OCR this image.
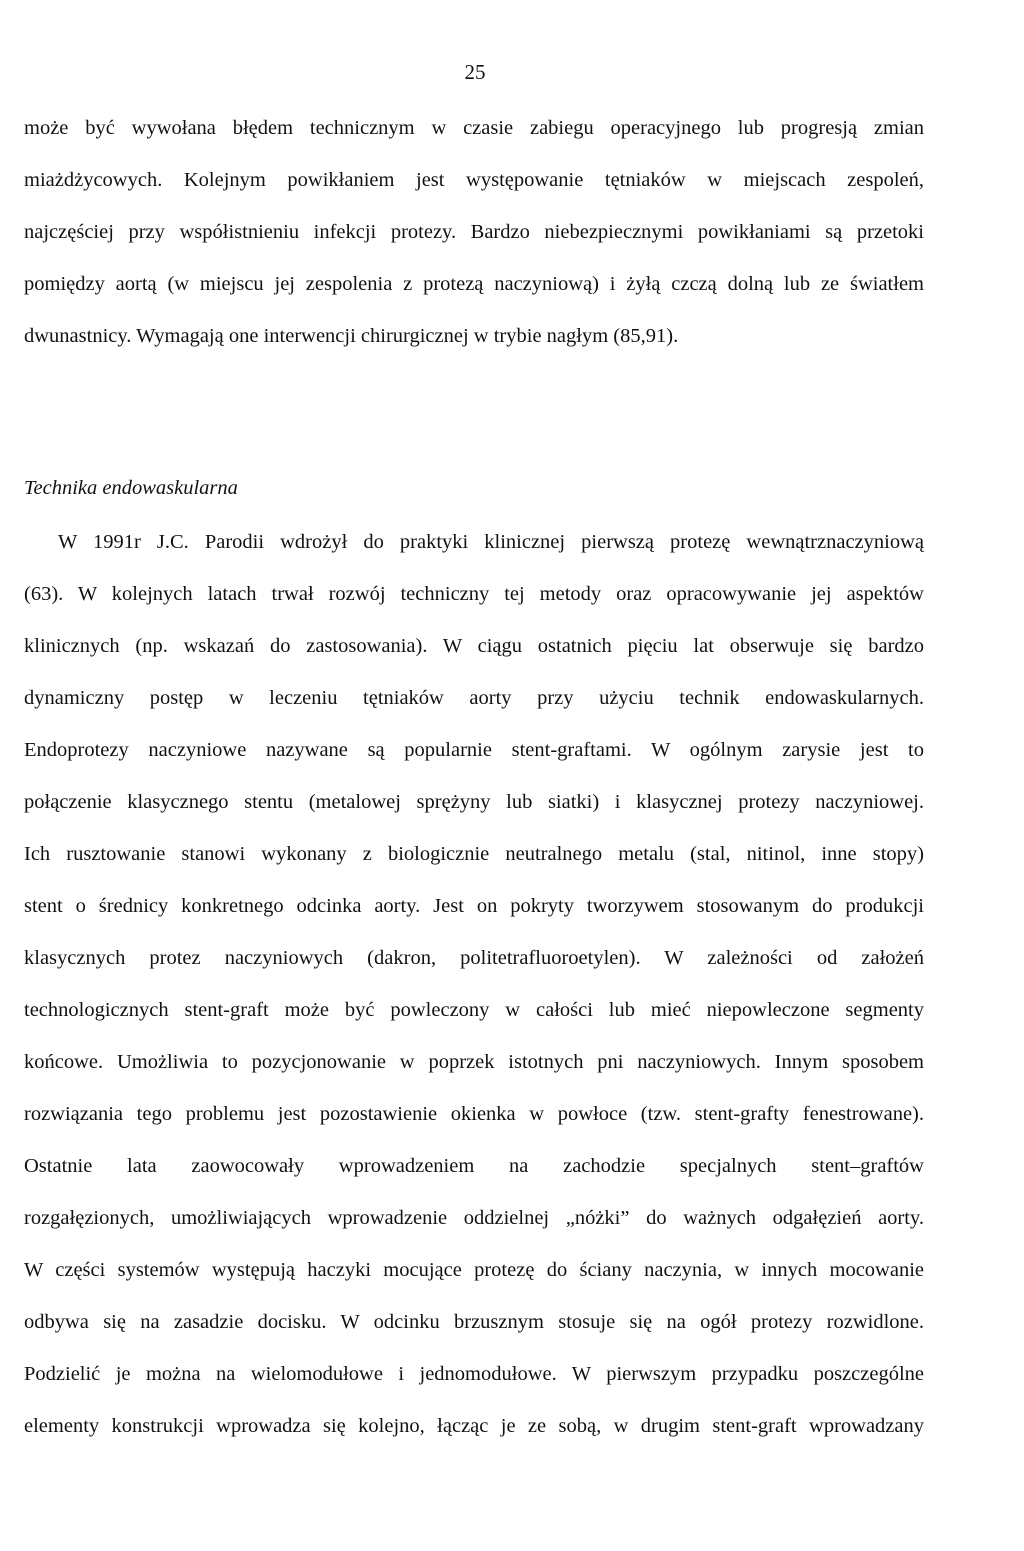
25
może być wywołana błędem technicznym w czasie zabiegu operacyjnego lub progresją zmian
miażdżycowych. Kolejnym powikłaniem jest występowanie tętniaków w miejscach zespoleń,
najczęściej przy współistnieniu infekcji protezy. Bardzo niebezpiecznymi powikłaniami są przetoki
pomiędzy aortą (w miejscu jej zespolenia z protezą naczyniową) i żyłą czczą dolną lub ze światłem
dwunastnicy. Wymagają one interwencji chirurgicznej w trybie nagłym (85,91).
Technika endowaskularna
W 1991r J.C. Parodii wdrożył do praktyki klinicznej pierwszą protezę wewnątrznaczyniową
(63). W kolejnych latach trwał rozwój techniczny tej metody oraz opracowywanie jej aspektów
klinicznych (np. wskazań do zastosowania). W ciągu ostatnich pięciu lat obserwuje się bardzo
dynamiczny postęp w leczeniu tętniaków aorty przy użyciu technik endowaskularnych.
Endoprotezy naczyniowe nazywane są popularnie stent-graftami. W ogólnym zarysie jest to
połączenie klasycznego stentu (metalowej sprężyny lub siatki) i klasycznej protezy naczyniowej.
Ich rusztowanie stanowi wykonany z biologicznie neutralnego metalu (stal, nitinol, inne stopy)
stent o średnicy konkretnego odcinka aorty. Jest on pokryty tworzywem stosowanym do produkcji
klasycznych protez naczyniowych (dakron, politetrafluoroetylen). W zależności od założeń
technologicznych stent-graft może być powleczony w całości lub mieć niepowleczone segmenty
końcowe. Umożliwia to pozycjonowanie w poprzek istotnych pni naczyniowych. Innym sposobem
rozwiązania tego problemu jest pozostawienie okienka w powłoce (tzw. stent-grafty fenestrowane).
Ostatnie lata zaowocowały wprowadzeniem na zachodzie specjalnych stent–graftów
rozgałęzionych, umożliwiających wprowadzenie oddzielnej „nóżki” do ważnych odgałęzień aorty.
W części systemów występują haczyki mocujące protezę do ściany naczynia, w innych mocowanie
odbywa się na zasadzie docisku. W odcinku brzusznym stosuje się na ogół protezy rozwidlone.
Podzielić je można na wielomodułowe i jednomodułowe. W pierwszym przypadku poszczególne
elementy konstrukcji wprowadza się kolejno, łącząc je ze sobą, w drugim stent-graft wprowadzany
